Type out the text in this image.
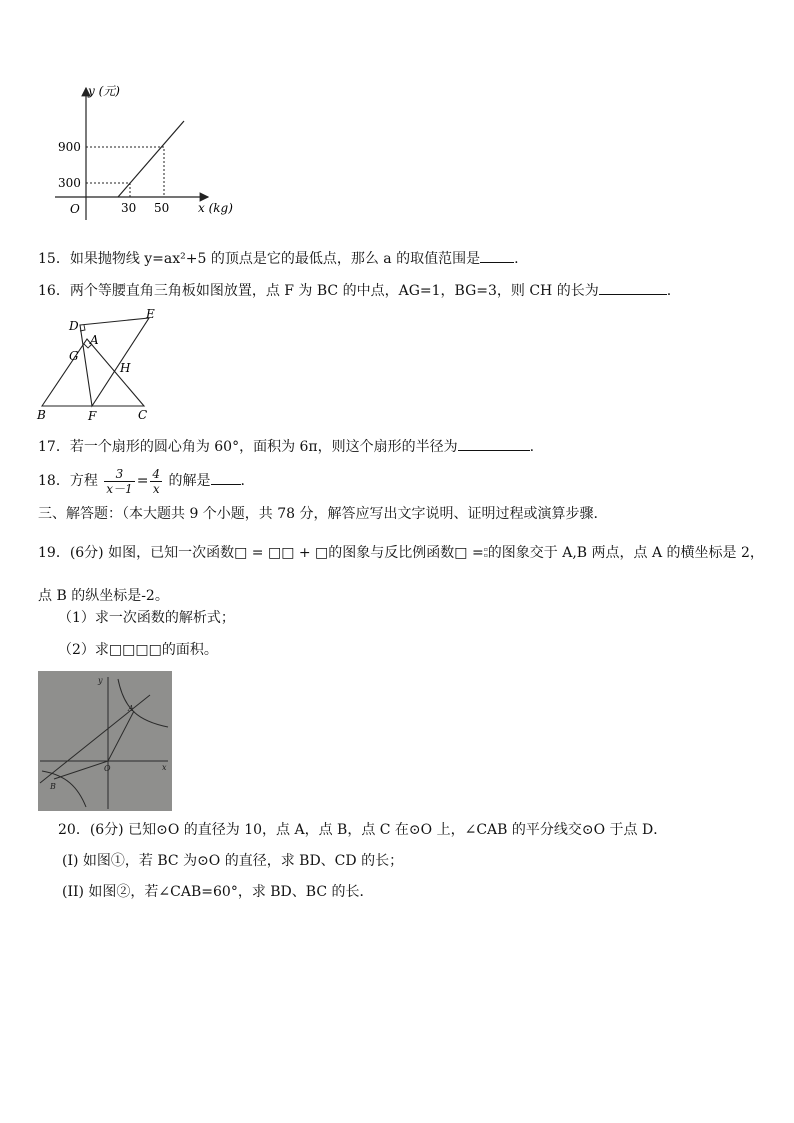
y (元)
x (kg)
O
900
300
30 50
15．如果抛物线 y=ax²+5 的顶点是它的最低点，那么 a 的取值范围是 .
16．两个等腰直角三角板如图放置，点 F 为 BC 的中点，AG=1，BG=3，则 CH 的长为	.
D
E
A
G
H
B	F	C
17．若一个扇形的圆心角为 60°，面积为 6π，则这个扇形的半径为	.
18．方程 $\frac{3}{x-1} = \frac{4}{x}$ 的解是 .
三、解答题：（本大题共 9 个小题，共 78 分，解答应写出文字说明、证明过程或演算步骤.
19．(6分) 如图，已知一次函数□ = □□ + □的图象与反比例函数□ = ▫
▫ 的图象交于 A,B 两点，点 A 的横坐标是 2，
点 B 的纵坐标是-2。
（1）求一次函数的解析式；
（2）求□□□□的面积。
y
x
O
A
B
20．(6分) 已知⊙O 的直径为 10，点 A，点 B，点 C 在⊙O 上，∠CAB 的平分线交⊙O 于点 D．
(I) 如图①，若 BC 为⊙O 的直径，求 BD、CD 的长；
(II) 如图②，若∠CAB=60°，求 BD、BC 的长．
